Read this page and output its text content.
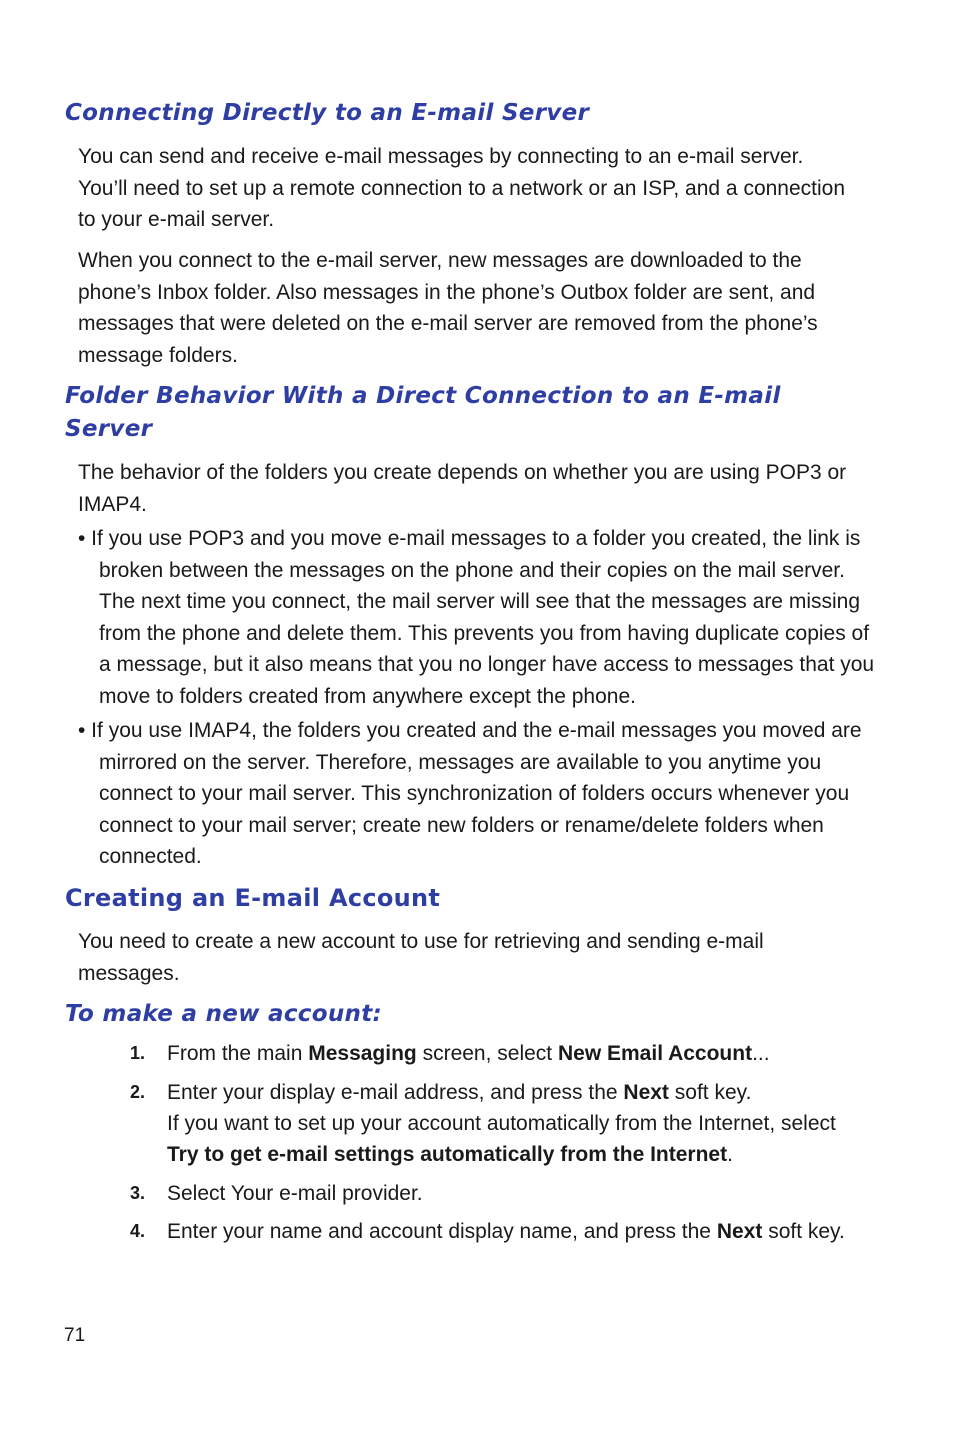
Connecting Directly to an E-mail Server

You can send and receive e-mail messages by connecting to an e-mail server. You’ll need to set up a remote connection to a network or an ISP, and a connection to your e-mail server.

When you connect to the e-mail server, new messages are downloaded to the phone’s Inbox folder. Also messages in the phone’s Outbox folder are sent, and messages that were deleted on the e-mail server are removed from the phone’s message folders.

Folder Behavior With a Direct Connection to an E-mail Server

The behavior of the folders you create depends on whether you are using POP3 or IMAP4.

• If you use POP3 and you move e-mail messages to a folder you created, the link is broken between the messages on the phone and their copies on the mail server. The next time you connect, the mail server will see that the messages are missing from the phone and delete them. This prevents you from having duplicate copies of a message, but it also means that you no longer have access to messages that you move to folders created from anywhere except the phone.

• If you use IMAP4, the folders you created and the e-mail messages you moved are mirrored on the server. Therefore, messages are available to you anytime you connect to your mail server. This synchronization of folders occurs whenever you connect to your mail server; create new folders or rename/delete folders when connected.

Creating an E-mail Account

You need to create a new account to use for retrieving and sending e-mail messages.

To make a new account:
1. From the main Messaging screen, select New Email Account...
2. Enter your display e-mail address, and press the Next soft key.
If you want to set up your account automatically from the Internet, select Try to get e-mail settings automatically from the Internet.
3. Select Your e-mail provider.
4. Enter your name and account display name, and press the Next soft key.
71
